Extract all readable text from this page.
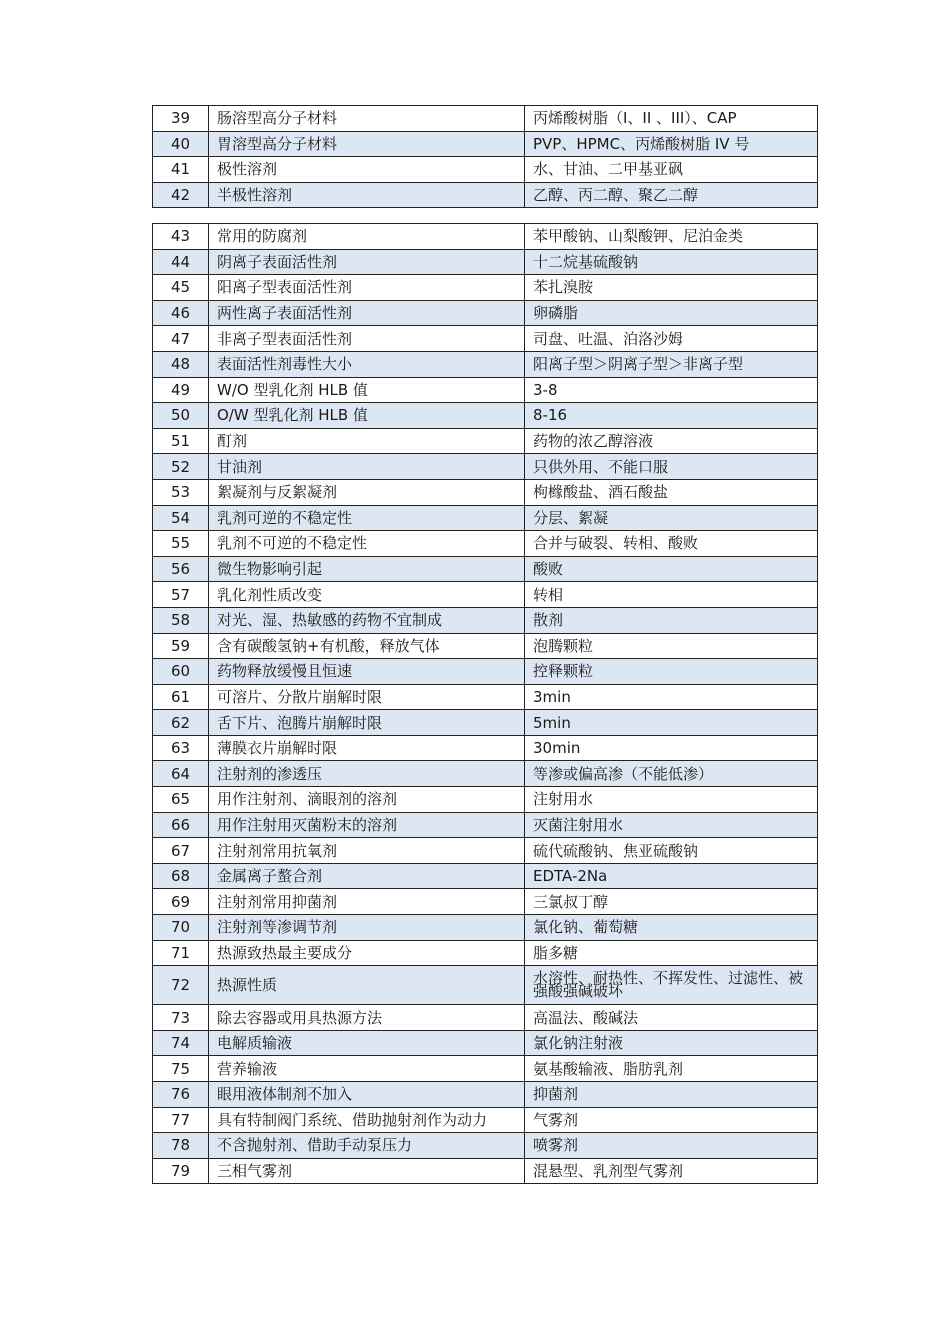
39	肠溶型高分子材料	丙烯酸树脂（I、II 、III）、CAP
40	胃溶型高分子材料	PVP、HPMC、丙烯酸树脂 IV 号
41	极性溶剂	水、甘油、二甲基亚砜
42	半极性溶剂	乙醇、丙二醇、聚乙二醇
43	常用的防腐剂	苯甲酸钠、山梨酸钾、尼泊金类
44	阴离子表面活性剂	十二烷基硫酸钠
45	阳离子型表面活性剂	苯扎溴胺
46	两性离子表面活性剂	卵磷脂
47	非离子型表面活性剂	司盘、吐温、泊洛沙姆
48	表面活性剂毒性大小	阳离子型＞阴离子型＞非离子型
49	W/O 型乳化剂 HLB 值	3-8
50	O/W 型乳化剂 HLB 值	8-16
51	酊剂	药物的浓乙醇溶液
52	甘油剂	只供外用、不能口服
53	絮凝剂与反絮凝剂	枸橼酸盐、酒石酸盐
54	乳剂可逆的不稳定性	分层、絮凝
55	乳剂不可逆的不稳定性	合并与破裂、转相、酸败
56	微生物影响引起	酸败
57	乳化剂性质改变	转相
58	对光、湿、热敏感的药物不宜制成	散剂
59	含有碳酸氢钠+有机酸，释放气体	泡腾颗粒
60	药物释放缓慢且恒速	控释颗粒
61	可溶片、分散片崩解时限	3min
62	舌下片、泡腾片崩解时限	5min
63	薄膜衣片崩解时限	30min
64	注射剂的渗透压	等渗或偏高渗（不能低渗）
65	用作注射剂、滴眼剂的溶剂	注射用水
66	用作注射用灭菌粉末的溶剂	灭菌注射用水
67	注射剂常用抗氧剂	硫代硫酸钠、焦亚硫酸钠
68	金属离子螯合剂	EDTA-2Na
69	注射剂常用抑菌剂	三氯叔丁醇
70	注射剂等渗调节剂	氯化钠、葡萄糖
71	热源致热最主要成分	脂多糖
72	热源性质	水溶性、耐热性、不挥发性、过滤性、被强酸强碱破坏
73	除去容器或用具热源方法	高温法、酸碱法
74	电解质输液	氯化钠注射液
75	营养输液	氨基酸输液、脂肪乳剂
76	眼用液体制剂不加入	抑菌剂
77	具有特制阀门系统、借助抛射剂作为动力	气雾剂
78	不含抛射剂、借助手动泵压力	喷雾剂
79	三相气雾剂	混悬型、乳剂型气雾剂
